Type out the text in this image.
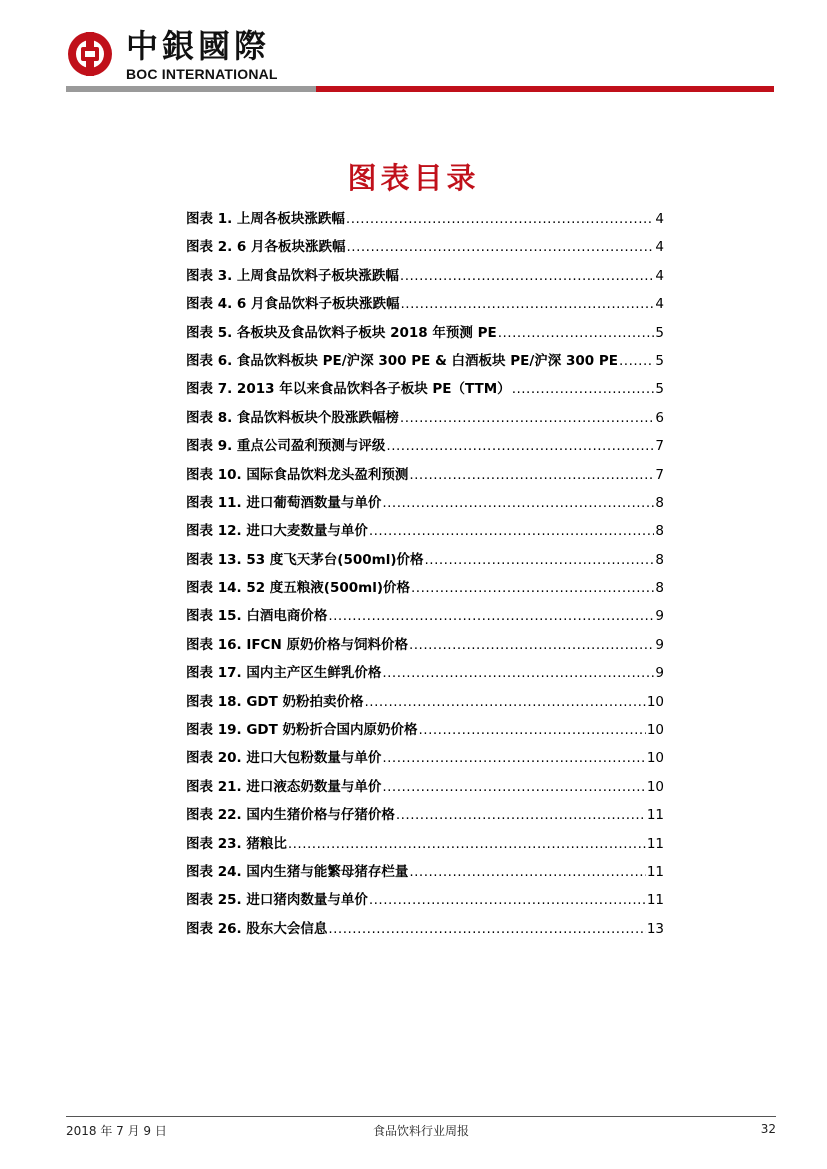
中銀國際
BOC INTERNATIONAL
图表目录
图表 1. 上周各板块涨跌幅 .....	4
图表 2. 6 月各板块涨跌幅 .....	4
图表 3. 上周食品饮料子板块涨跌幅 .....	4
图表 4. 6 月食品饮料子板块涨跌幅 .....	4
图表 5. 各板块及食品饮料子板块 2018 年预测 PE .....	5
图表 6. 食品饮料板块 PE/沪深 300 PE & 白酒板块 PE/沪深 300 PE .....	5
图表 7. 2013 年以来食品饮料各子板块 PE（TTM） .....	5
图表 8. 食品饮料板块个股涨跌幅榜 .....	6
图表 9. 重点公司盈利预测与评级 .....	7
图表 10. 国际食品饮料龙头盈利预测 .....	7
图表 11. 进口葡萄酒数量与单价 .....	8
图表 12. 进口大麦数量与单价 .....	8
图表 13. 53 度飞天茅台(500ml)价格 .....	8
图表 14. 52 度五粮液(500ml)价格 .....	8
图表 15. 白酒电商价格 .....	9
图表 16. IFCN 原奶价格与饲料价格 .....	9
图表 17. 国内主产区生鲜乳价格 .....	9
图表 18. GDT 奶粉拍卖价格 .....	10
图表 19. GDT 奶粉折合国内原奶价格 .....	10
图表 20. 进口大包粉数量与单价 .....	10
图表 21. 进口液态奶数量与单价 .....	10
图表 22. 国内生猪价格与仔猪价格 .....	11
图表 23. 猪粮比 .....	11
图表 24. 国内生猪与能繁母猪存栏量 .....	11
图表 25. 进口猪肉数量与单价 .....	11
图表 26. 股东大会信息 .....	13
2018 年 7 月 9 日	食品饮料行业周报	32
